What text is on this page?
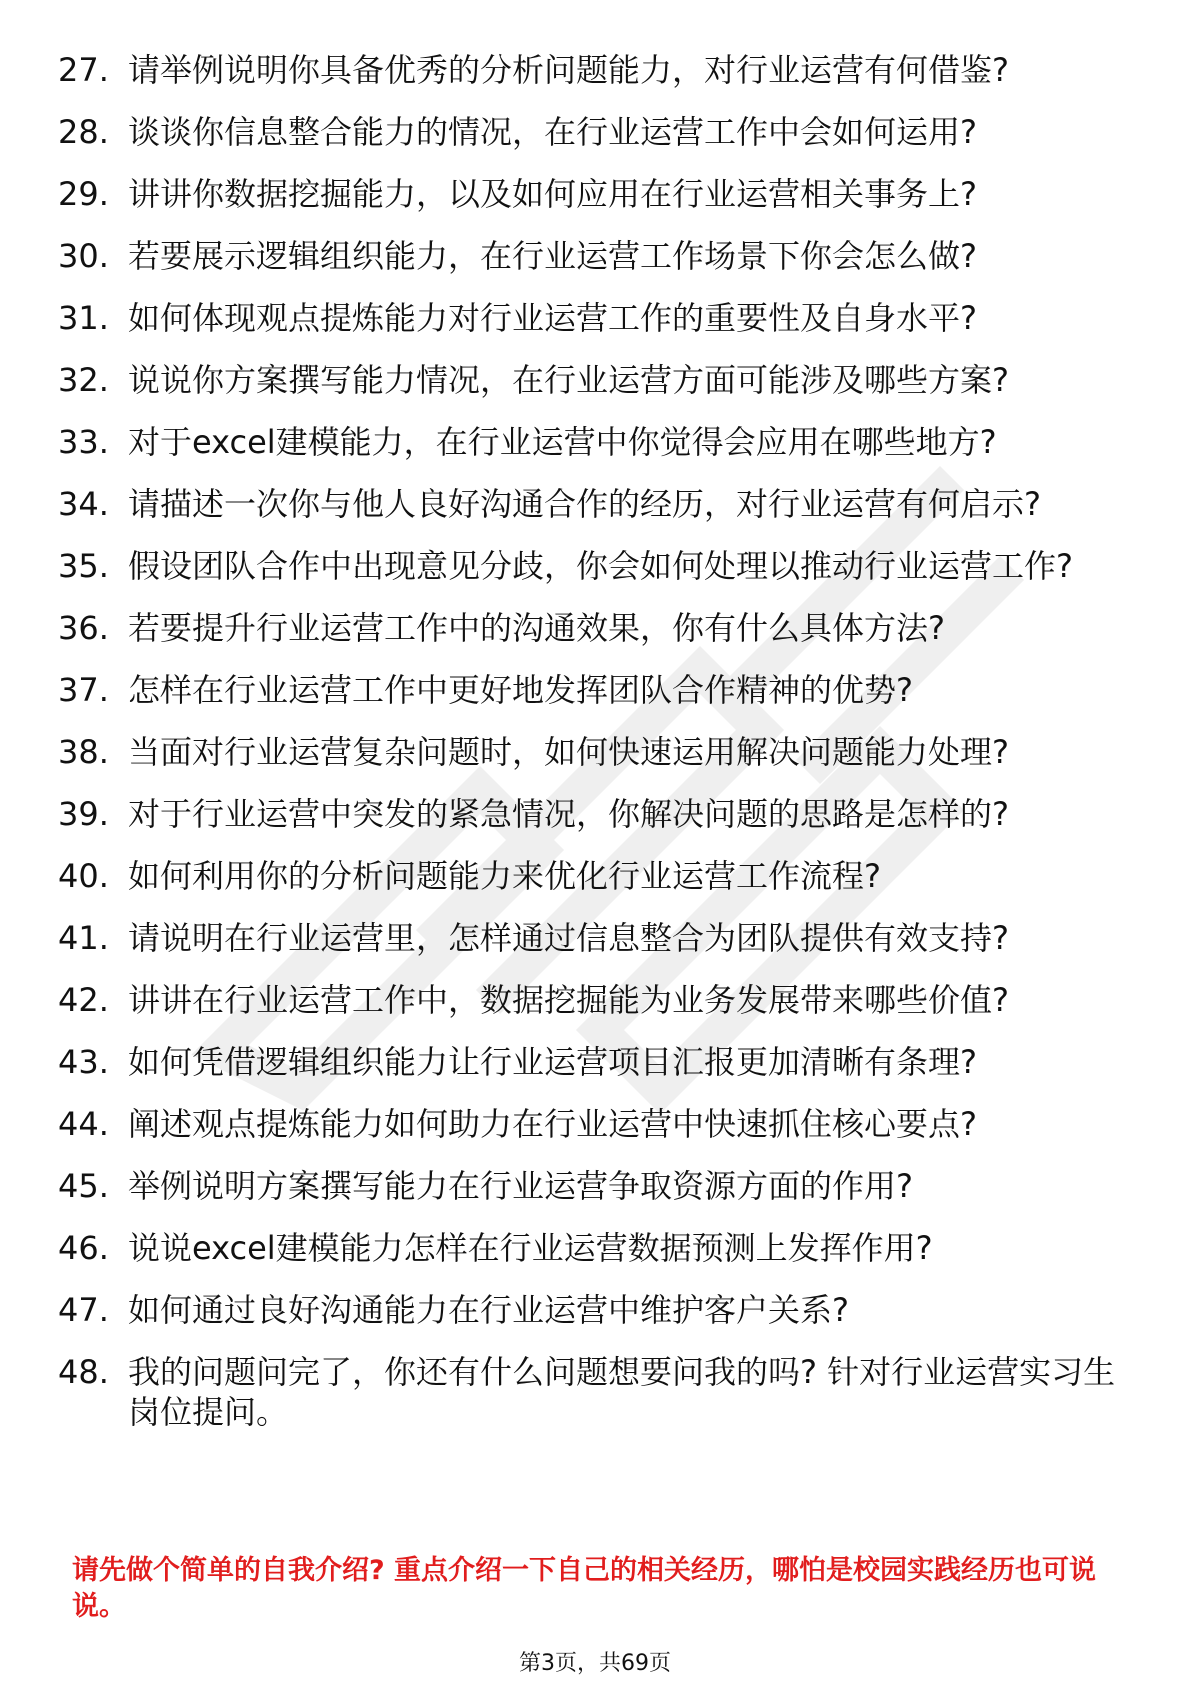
27. 请举例说明你具备优秀的分析问题能力，对行业运营有何借鉴?
28. 谈谈你信息整合能力的情况，在行业运营工作中会如何运用?
29. 讲讲你数据挖掘能力，以及如何应用在行业运营相关事务上?
30. 若要展示逻辑组织能力，在行业运营工作场景下你会怎么做?
31. 如何体现观点提炼能力对行业运营工作的重要性及自身水平?
32. 说说你方案撰写能力情况，在行业运营方面可能涉及哪些方案?
33. 对于excel建模能力，在行业运营中你觉得会应用在哪些地方?
34. 请描述一次你与他人良好沟通合作的经历，对行业运营有何启示?
35. 假设团队合作中出现意见分歧，你会如何处理以推动行业运营工作?
36. 若要提升行业运营工作中的沟通效果，你有什么具体方法?
37. 怎样在行业运营工作中更好地发挥团队合作精神的优势?
38. 当面对行业运营复杂问题时，如何快速运用解决问题能力处理?
39. 对于行业运营中突发的紧急情况，你解决问题的思路是怎样的?
40. 如何利用你的分析问题能力来优化行业运营工作流程?
41. 请说明在行业运营里，怎样通过信息整合为团队提供有效支持?
42. 讲讲在行业运营工作中，数据挖掘能为业务发展带来哪些价值?
43. 如何凭借逻辑组织能力让行业运营项目汇报更加清晰有条理?
44. 阐述观点提炼能力如何助力在行业运营中快速抓住核心要点?
45. 举例说明方案撰写能力在行业运营争取资源方面的作用?
46. 说说excel建模能力怎样在行业运营数据预测上发挥作用?
47. 如何通过良好沟通能力在行业运营中维护客户关系?
48. 我的问题问完了，你还有什么问题想要问我的吗? 针对行业运营实习生岗位提问。
请先做个简单的自我介绍? 重点介绍一下自己的相关经历，哪怕是校园实践经历也可说说。
第3页，共69页
